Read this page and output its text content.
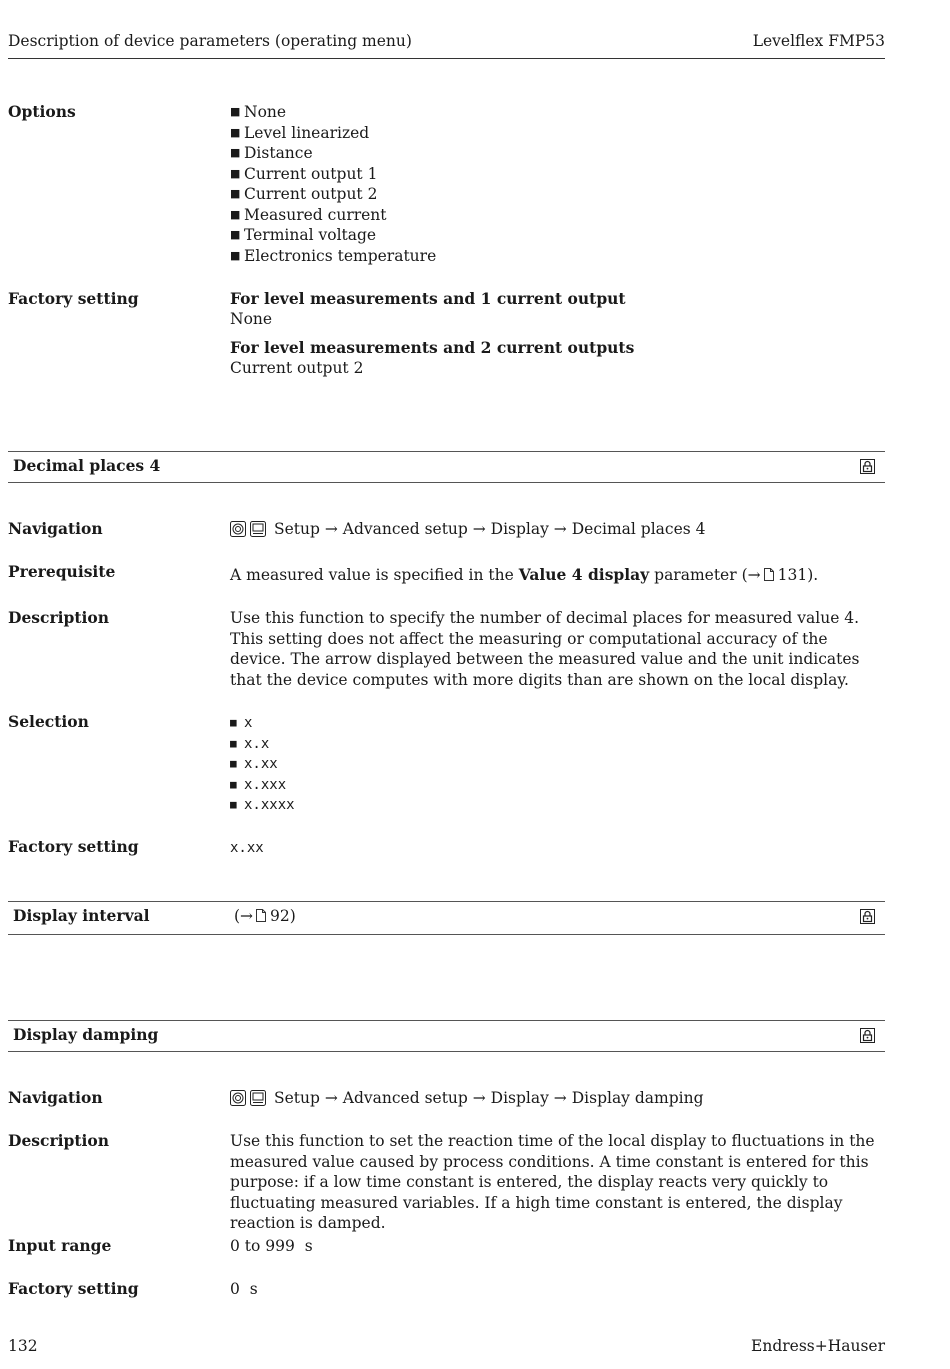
Description of device parameters (operating menu)	Levelflex FMP53
Options	■ None
■ Level linearized
■ Distance
■ Current output 1
■ Current output 2
■ Measured current
■ Terminal voltage
■ Electronics temperature
Factory setting	For level measurements and 1 current output
None
For level measurements and 2 current outputs
Current output 2
Decimal places 4
Navigation	Setup → Advanced setup → Display → Decimal places 4
Prerequisite	A measured value is specified in the Value 4 display parameter (→ 131).
Description	Use this function to specify the number of decimal places for measured value 4. This setting does not affect the measuring or computational accuracy of the device. The arrow displayed between the measured value and the unit indicates that the device computes with more digits than are shown on the local display.
Selection	■ x
■ x.x
■ x.xx
■ x.xxx
■ x.xxxx
Factory setting	x.xx
Display interval	(→ 92)
Display damping
Navigation	Setup → Advanced setup → Display → Display damping
Description	Use this function to set the reaction time of the local display to fluctuations in the measured value caused by process conditions. A time constant is entered for this purpose: if a low time constant is entered, the display reacts very quickly to fluctuating measured variables. If a high time constant is entered, the display reaction is damped.
Input range	0 to 999  s
Factory setting	0  s
132	Endress+Hauser
